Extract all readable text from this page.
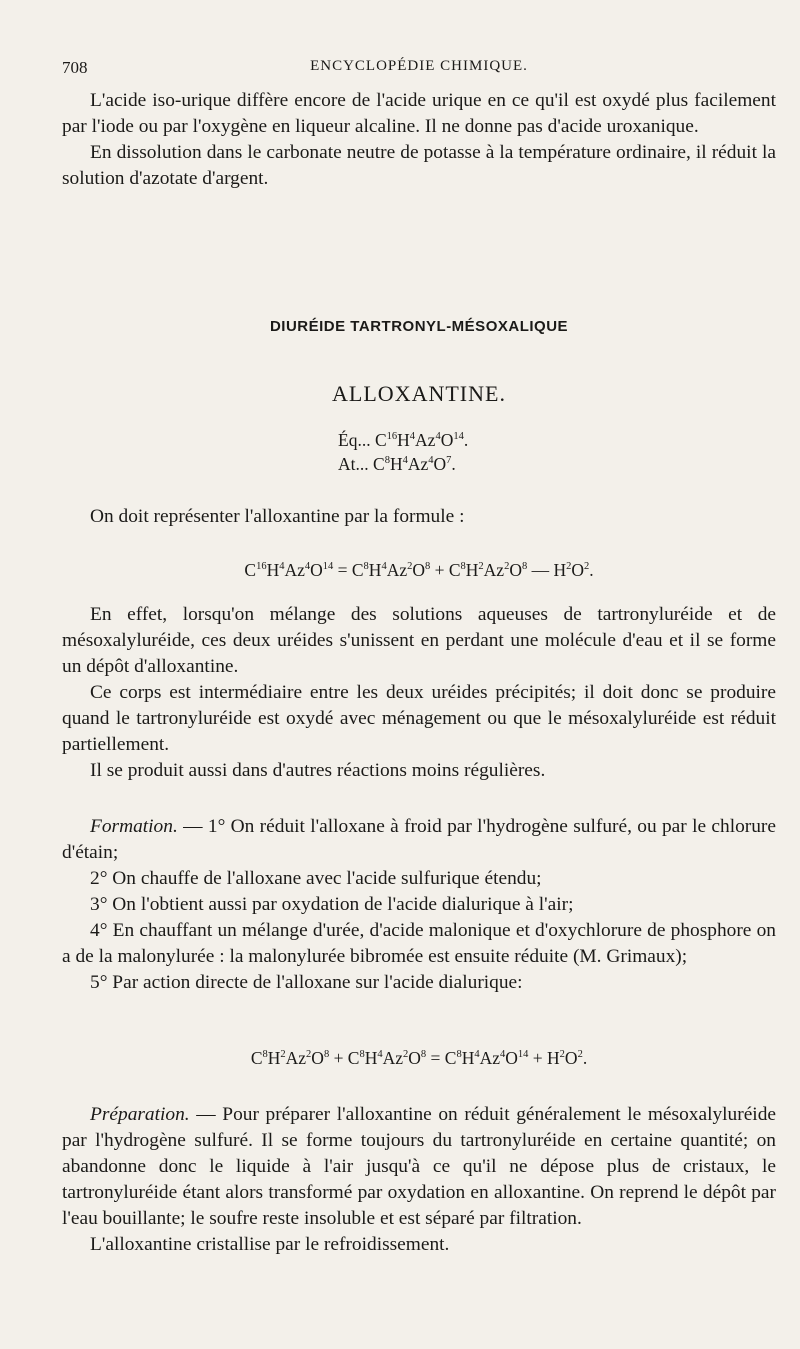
708	ENCYCLOPÉDIE CHIMIQUE.

L'acide iso-urique diffère encore de l'acide urique en ce qu'il est oxydé plus facilement par l'iode ou par l'oxygène en liqueur alcaline. Il ne donne pas d'acide uroxanique.

En dissolution dans le carbonate neutre de potasse à la température ordinaire, il réduit la solution d'azotate d'argent.

DIURÉIDE TARTRONYL-MÉSOXALIQUE
ALLOXANTINE.
Éq... $C^{16}H^4Az^4O^{14}$.
At... $C^8H^4Az^4O^7$.

On doit représenter l'alloxantine par la formule :

$C^{16}H^4Az^4O^{14} = C^8H^4Az^2O^8 + C^8H^2Az^2O^8$ — $H^2O^2$.

En effet, lorsqu'on mélange des solutions aqueuses de tartronyluréide et de mésoxalyluréide, ces deux uréides s'unissent en perdant une molécule d'eau et il se forme un dépôt d'alloxantine.

Ce corps est intermédiaire entre les deux uréides précipités; il doit donc se produire quand le tartronyluréide est oxydé avec ménagement ou que le mésoxalyluréide est réduit partiellement.

Il se produit aussi dans d'autres réactions moins régulières.

Formation. — 1° On réduit l'alloxane à froid par l'hydrogène sulfuré, ou par le chlorure d'étain;

2° On chauffe de l'alloxane avec l'acide sulfurique étendu;

3° On l'obtient aussi par oxydation de l'acide dialurique à l'air;

4° En chauffant un mélange d'urée, d'acide malonique et d'oxychlorure de phosphore on a de la malonylurée : la malonylurée bibromée est ensuite réduite (M. Grimaux);

5° Par action directe de l'alloxane sur l'acide dialurique:

$C^8H^2Az^2O^8 + C^8H^4Az^2O^8 = C^8H^4Az^4O^{14} + H^2O^2$.

Préparation. — Pour préparer l'alloxantine on réduit généralement le mésoxalyluréide par l'hydrogène sulfuré. Il se forme toujours du tartronyluréide en certaine quantité; on abandonne donc le liquide à l'air jusqu'à ce qu'il ne dépose plus de cristaux, le tartronyluréide étant alors transformé par oxydation en alloxantine. On reprend le dépôt par l'eau bouillante; le soufre reste insoluble et est séparé par filtration.

L'alloxantine cristallise par le refroidissement.
